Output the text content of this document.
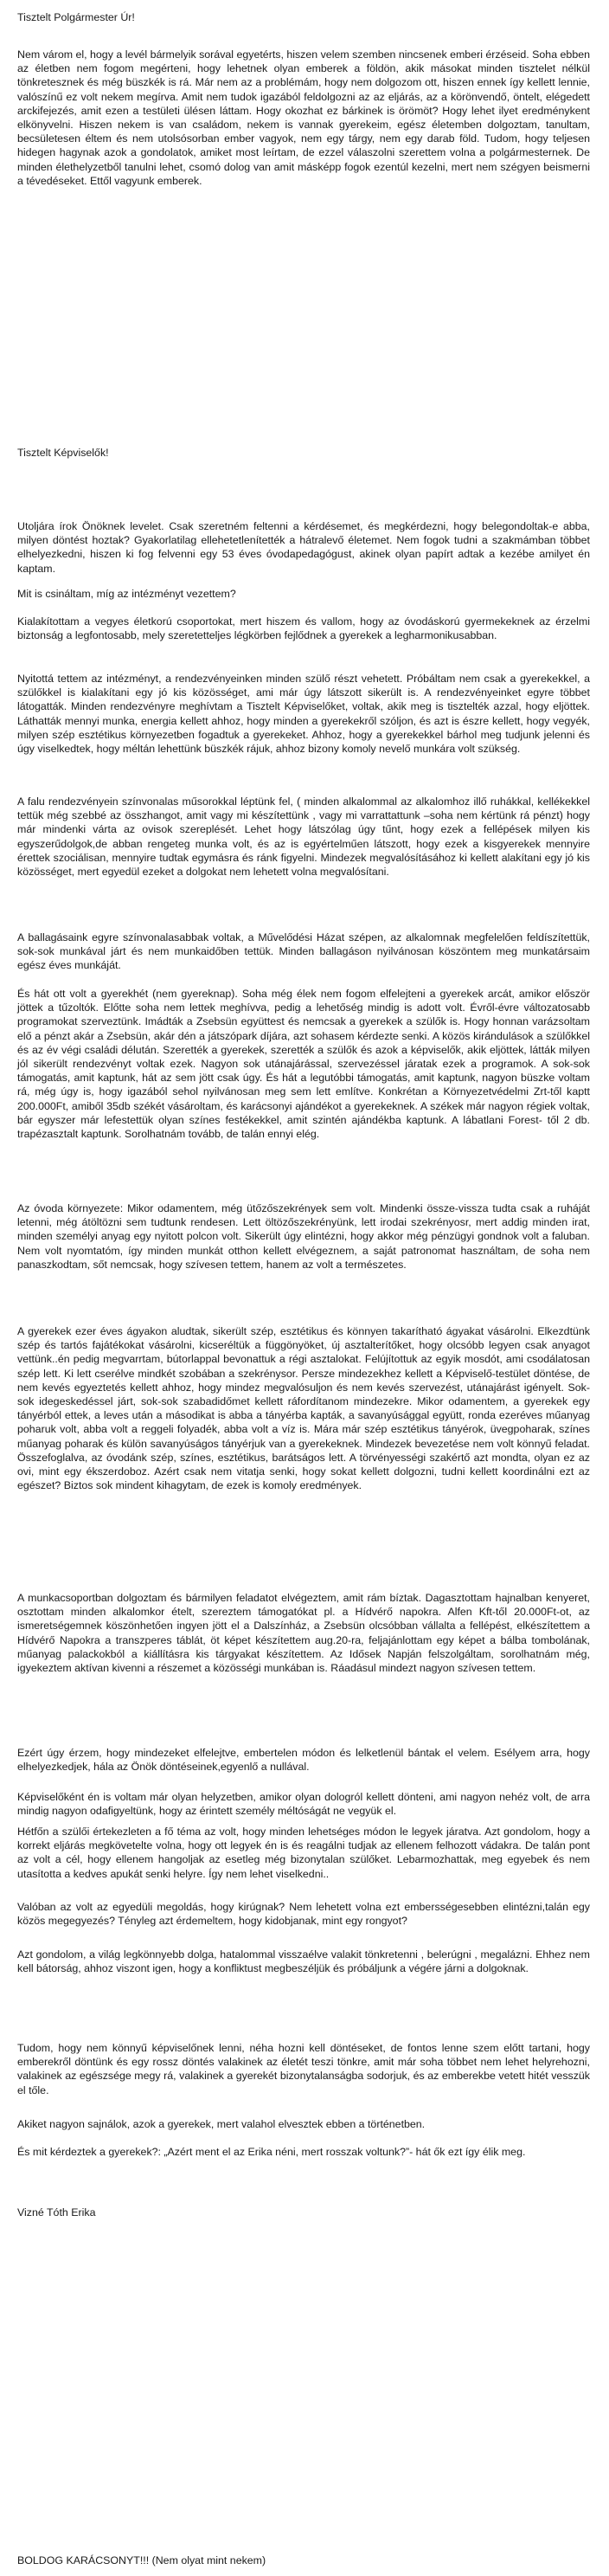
Tisztelt Polgármester Úr!

Nem várom el, hogy a levél bármelyik sorával egyetérts, hiszen velem szemben nincsenek emberi érzéseid. Soha ebben az életben nem fogom megérteni, hogy lehetnek olyan emberek a földön, akik másokat minden tisztelet nélkül tönkretesznek és még büszkék is rá. Már nem az a problémám, hogy nem dolgozom ott, hiszen ennek így kellett lennie, valószínű ez volt nekem megírva. Amit nem tudok igazából feldolgozni az az eljárás, az a körönvendő, öntelt, elégedett arckifejezés, amit ezen a testületi ülésen láttam. Hogy okozhat ez bárkinek is örömöt? Hogy lehet ilyet eredménykent elkönyvelni. Hiszen nekem is van családom, nekem is vannak gyerekeim, egész életemben dolgoztam, tanultam, becsületesen éltem és nem utolsósorban ember vagyok, nem egy tárgy, nem egy darab föld. Tudom, hogy teljesen hidegen hagynak azok a gondolatok, amiket most leírtam, de ezzel válaszolni szerettem volna a polgármesternek. De minden élethelyzetből tanulni lehet, csomó dolog van amit másképp fogok ezentúl kezelni, mert nem szégyen beismerni a tévedéseket. Ettől vagyunk emberek.

Tisztelt Képviselők!

Utoljára írok Önöknek levelet. Csak szeretném feltenni a kérdésemet, és megkérdezni, hogy belegondoltak-e abba, milyen döntést hoztak? Gyakorlatilag ellehetetlenítették a hátralevő életemet. Nem fogok tudni a szakmámban többet elhelyezkedni, hiszen ki fog felvenni egy 53 éves óvodapedagógust, akinek olyan papírt adtak a kezébe amilyet én kaptam.

Mit is csináltam, míg az intézményt vezettem?

Kialakítottam a vegyes életkorú csoportokat, mert hiszem és vallom, hogy az óvodáskorú gyermekeknek az érzelmi biztonság a legfontosabb, mely szeretetteljes légkörben fejlődnek a gyerekek a legharmonikusabban.

Nyitottá tettem az intézményt, a rendezvényeinken minden szülő részt vehetett. Próbáltam nem csak a gyerekekkel, a szülőkkel is kialakítani egy jó kis közösséget, ami már úgy látszott sikerült is. A rendezvényeinket egyre többet látogatták. Minden rendezvényre meghívtam a Tisztelt Képviselőket, voltak, akik meg is tisztelték azzal, hogy eljöttek. Láthatták mennyi munka, energia kellett ahhoz, hogy minden a gyerekekről szóljon, és azt is észre kellett, hogy vegyék, milyen szép esztétikus környezetben fogadtuk a gyerekeket. Ahhoz, hogy a gyerekekkel bárhol meg tudjunk jelenni és úgy viselkedtek, hogy méltán lehettünk büszkék rájuk, ahhoz bizony komoly nevelő munkára volt szükség.

A falu rendezvényein színvonalas műsorokkal léptünk fel, ( minden alkalommal az alkalomhoz illő ruhákkal, kellékekkel tettük még szebbé az összhangot, amit vagy mi készítettünk , vagy mi varrattattunk –soha nem kértünk rá pénzt) hogy már mindenki várta az ovisok szereplését. Lehet hogy látszólag úgy tűnt, hogy ezek a fellépések milyen kis egyszerűdolgok,de abban rengeteg munka volt, és az is egyértelműen látszott, hogy ezek a kisgyerekek mennyire érettek szociálisan, mennyire tudtak egymásra és ránk figyelni. Mindezek megvalósításához ki kellett alakítani egy jó kis közösséget, mert egyedül ezeket a dolgokat nem lehetett volna megvalósítani.

A ballagásaink egyre színvonalasabbak voltak, a Művelődési Házat szépen, az alkalomnak megfelelően feldíszítettük, sok-sok munkával járt és nem munkaidőben tettük. Minden ballagáson nyilvánosan köszöntem meg munkatársaim egész éves munkáját.

És hát ott volt a gyerekhét (nem gyereknap). Soha még élek nem fogom elfelejteni a gyerekek arcát, amikor először jöttek a tűzoltók. Előtte soha nem lettek meghívva, pedig a lehetőség mindig is adott volt. Évről-évre változatosabb programokat szerveztünk. Imádták a Zsebsün együttest és nemcsak a gyerekek a szülők is. Hogy honnan varázsoltam elő a pénzt akár a Zsebsün, akár dén a játszópark díjára, azt sohasem kérdezte senki. A közös kirándulások a szülőkkel és az év végi családi délután. Szerették a gyerekek, szerették a szülők és azok a képviselők, akik eljöttek, látták milyen jól sikerült rendezvényt voltak ezek. Nagyon sok utánajárással, szervezéssel járatak ezek a programok. A sok-sok támogatás, amit kaptunk, hát az sem jött csak úgy. És hát a legutóbbi támogatás, amit kaptunk, nagyon büszke voltam rá, még úgy is, hogy igazából sehol nyilvánosan meg sem lett említve. Konkrétan a Környezetvédelmi Zrt-től kaptt 200.000Ft, amiből 35db székét vásároltam, és karácsonyi ajándékot a gyerekeknek. A székek már nagyon régiek voltak, bár egyszer már lefestettük olyan színes festékekkel, amit szintén ajándékba kaptunk. A lábatlani Forest- től 2 db. trapézasztalt kaptunk. Sorolhatnám tovább, de talán ennyi elég.

Az óvoda környezete: Mikor odamentem, még ütőzőszekrények sem volt. Mindenki össze-vissza tudta csak a ruháját letenni, még átöltözni sem tudtunk rendesen. Lett öltözőszekrényünk, lett irodai szekrényosr, mert addig minden irat, minden személyi anyag egy nyitott polcon volt. Sikerült úgy elintézni, hogy akkor még pénzügyi gondnok volt a faluban. Nem volt nyomtatóm, így minden munkát otthon kellett elvégeznem, a saját patronomat használtam, de soha nem panaszkodtam, sőt nemcsak, hogy szívesen tettem, hanem az volt a természetes.

A gyerekek ezer éves ágyakon aludtak, sikerült szép, esztétikus és könnyen takarítható ágyakat vásárolni. Elkezdtünk szép és tartós fajátékokat vásárolni, kicseréltük a függönyöket, új asztalterítőket, hogy olcsóbb legyen csak anyagot vettünk..én pedig megvarrtam, bútorlappal bevonattuk a régi asztalokat. Felújítottuk az egyik mosdót, ami csodálatosan szép lett. Ki lett cserélve mindkét szobában a szekrénysor. Persze mindezekhez kellett a Képviselő-testület döntése, de nem kevés egyeztetés kellett ahhoz, hogy mindez megvalósuljon és nem kevés szervezést, utánajárást igényelt. Sok-sok idegeskedéssel járt, sok-sok szabadidőmet kellett ráfordítanom mindezekre. Mikor odamentem, a gyerekek egy tányérból ettek, a leves után a másodikat is abba a tányérba kapták, a savanyúsággal együtt, ronda ezeréves műanyag poharuk volt, abba volt a reggeli folyadék, abba volt a víz is. Mára már szép esztétikus tányérok, üvegpoharak, színes műanyag poharak és külön savanyúságos tányérjuk van a gyerekeknek. Mindezek bevezetése nem volt könnyű feladat. Összefoglalva, az óvodánk szép, színes, esztétikus, barátságos lett. A törvényességi szakértő azt mondta, olyan ez az ovi, mint egy ékszerdoboz. Azért csak nem vitatja senki, hogy sokat kellett dolgozni, tudni kellett koordinálni ezt az egészet? Biztos sok mindent kihagytam, de ezek is komoly eredmények.

A munkacsoportban dolgoztam és bármilyen feladatot elvégeztem, amit rám bíztak. Dagasztottam hajnalban kenyeret, osztottam minden alkalomkor ételt, szereztem támogatókat pl. a Hídvérő napokra. Alfen Kft-től 20.000Ft-ot, az ismeretségemnek köszönhetően ingyen jött el a Dalszínház, a Zsebsün olcsóbban vállalta a fellépést, elkészítettem a Hídvérő Napokra a transzperes táblát, öt képet készítettem aug.20-ra, feljajánlottam egy képet a bálba tombolának, műanyag palackokból a kiállításra kis tárgyakat készítettem. Az Idősek Napján felszolgáltam, sorolhatnám még, igyekeztem aktívan kivenni a részemet a közösségi munkában is. Ráadásul mindezt nagyon szívesen tettem.

Ezért úgy érzem, hogy mindezeket elfelejtve, embertelen módon és lelketlenül bántak el velem. Esélyem arra, hogy elhelyezkedjek, hála az Önök döntéseinek,egyenlő a nullával.

Képviselőként én is voltam már olyan helyzetben, amikor olyan dologról kellett dönteni, ami nagyon nehéz volt, de arra mindig nagyon odafigyeltünk, hogy az érintett személy méltóságát ne vegyük el.

Hétfőn a szülői értekezleten a fő téma az volt, hogy minden lehetséges módon le legyek járatva. Azt gondolom, hogy a korrekt eljárás megkövetelte volna, hogy ott legyek én is és reagálni tudjak az ellenem felhozott vádakra. De talán pont az volt a cél, hogy ellenem hangoljak az esetleg még bizonytalan szülőket. Lebarmozhattak, meg egyebek és nem utasította a kedves apukát senki helyre. Így nem lehet viselkedni..

Valóban az volt az egyedüli megoldás, hogy kirúgnak? Nem lehetett volna ezt embersségesebben elintézni,talán egy közös megegyezés? Tényleg azt érdemeltem, hogy kidobjanak, mint egy rongyot?

Azt gondolom, a világ legkönnyebb dolga, hatalommal visszaélve valakit tönkretenni , belerúgni , megalázni. Ehhez nem kell bátorság, ahhoz viszont igen, hogy a konfliktust megbeszéljük és próbáljunk a végére járni a dolgoknak.

Tudom, hogy nem könnyű képviselőnek lenni, néha hozni kell döntéseket, de fontos lenne szem előtt tartani, hogy emberekről döntünk és egy rossz döntés valakinek az életét teszi tönkre, amit már soha többet nem lehet helyrehozni, valakinek az egészsége megy rá, valakinek a gyerekét bizonytalanságba sodorjuk, és az emberekbe vetett hitét vesszük el tőle.

Akiket nagyon sajnálok, azok a gyerekek, mert valahol elvesztek ebben a történetben.

És mit kérdeztek a gyerekek?: „Azért ment el az Erika néni, mert rosszak voltunk?”- hát ők ezt így élik meg.

Vizné Tóth Erika

BOLDOG KARÁCSONYT!!! (Nem olyat mint nekem)
